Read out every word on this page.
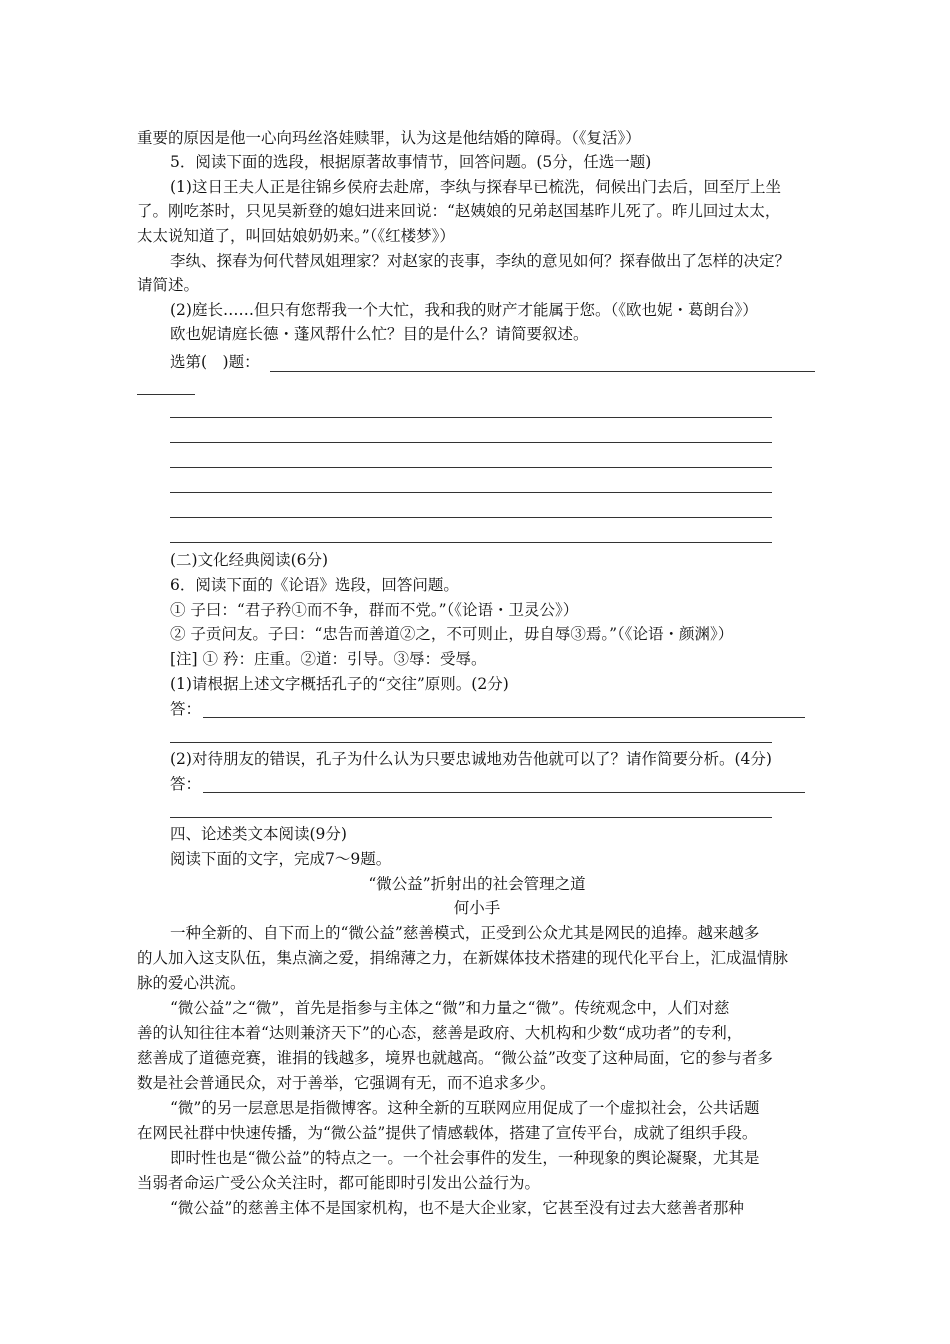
重要的原因是他一心向玛丝洛娃赎罪，认为这是他结婚的障碍。（《复活》）
5．阅读下面的选段，根据原著故事情节，回答问题。(5分，任选一题)
(1)这日王夫人正是往锦乡侯府去赴席，李纨与探春早已梳洗，伺候出门去后，回至厅上坐
了。刚吃茶时，只见吴新登的媳妇进来回说：“赵姨娘的兄弟赵国基昨儿死了。昨儿回过太太，
太太说知道了，叫回姑娘奶奶来。”（《红楼梦》）
李纨、探春为何代替凤姐理家？对赵家的丧事，李纨的意见如何？探春做出了怎样的决定？
请简述。
(2)庭长……但只有您帮我一个大忙，我和我的财产才能属于您。（《欧也妮・葛朗台》）
欧也妮请庭长德・蓬风帮什么忙？目的是什么？请简要叙述。
选第(　)题：
(二)文化经典阅读(6分)
6．阅读下面的《论语》选段，回答问题。
① 子曰：“君子矜①而不争，群而不党。”（《论语・卫灵公》）
② 子贡问友。子曰：“忠告而善道②之，不可则止，毋自辱③焉。”（《论语・颜渊》）
[注] ① 矜：庄重。②道：引导。③辱：受辱。
(1)请根据上述文字概括孔子的“交往”原则。(2分)
答：
(2)对待朋友的错误，孔子为什么认为只要忠诚地劝告他就可以了？请作简要分析。(4分)
答：
四、论述类文本阅读(9分)
阅读下面的文字，完成7～9题。
“微公益”折射出的社会管理之道
何小手
一种全新的、自下而上的“微公益”慈善模式，正受到公众尤其是网民的追捧。越来越多
的人加入这支队伍，集点滴之爱，捐绵薄之力，在新媒体技术搭建的现代化平台上，汇成温情脉
脉的爱心洪流。
“微公益”之“微”，首先是指参与主体之“微”和力量之“微”。传统观念中，人们对慈
善的认知往往本着“达则兼济天下”的心态，慈善是政府、大机构和少数“成功者”的专利，
慈善成了道德竞赛，谁捐的钱越多，境界也就越高。“微公益”改变了这种局面，它的参与者多
数是社会普通民众，对于善举，它强调有无，而不追求多少。
“微”的另一层意思是指微博客。这种全新的互联网应用促成了一个虚拟社会，公共话题
在网民社群中快速传播，为“微公益”提供了情感载体，搭建了宣传平台，成就了组织手段。
即时性也是“微公益”的特点之一。一个社会事件的发生，一种现象的舆论凝聚，尤其是
当弱者命运广受公众关注时，都可能即时引发出公益行为。
“微公益”的慈善主体不是国家机构，也不是大企业家，它甚至没有过去大慈善者那种
